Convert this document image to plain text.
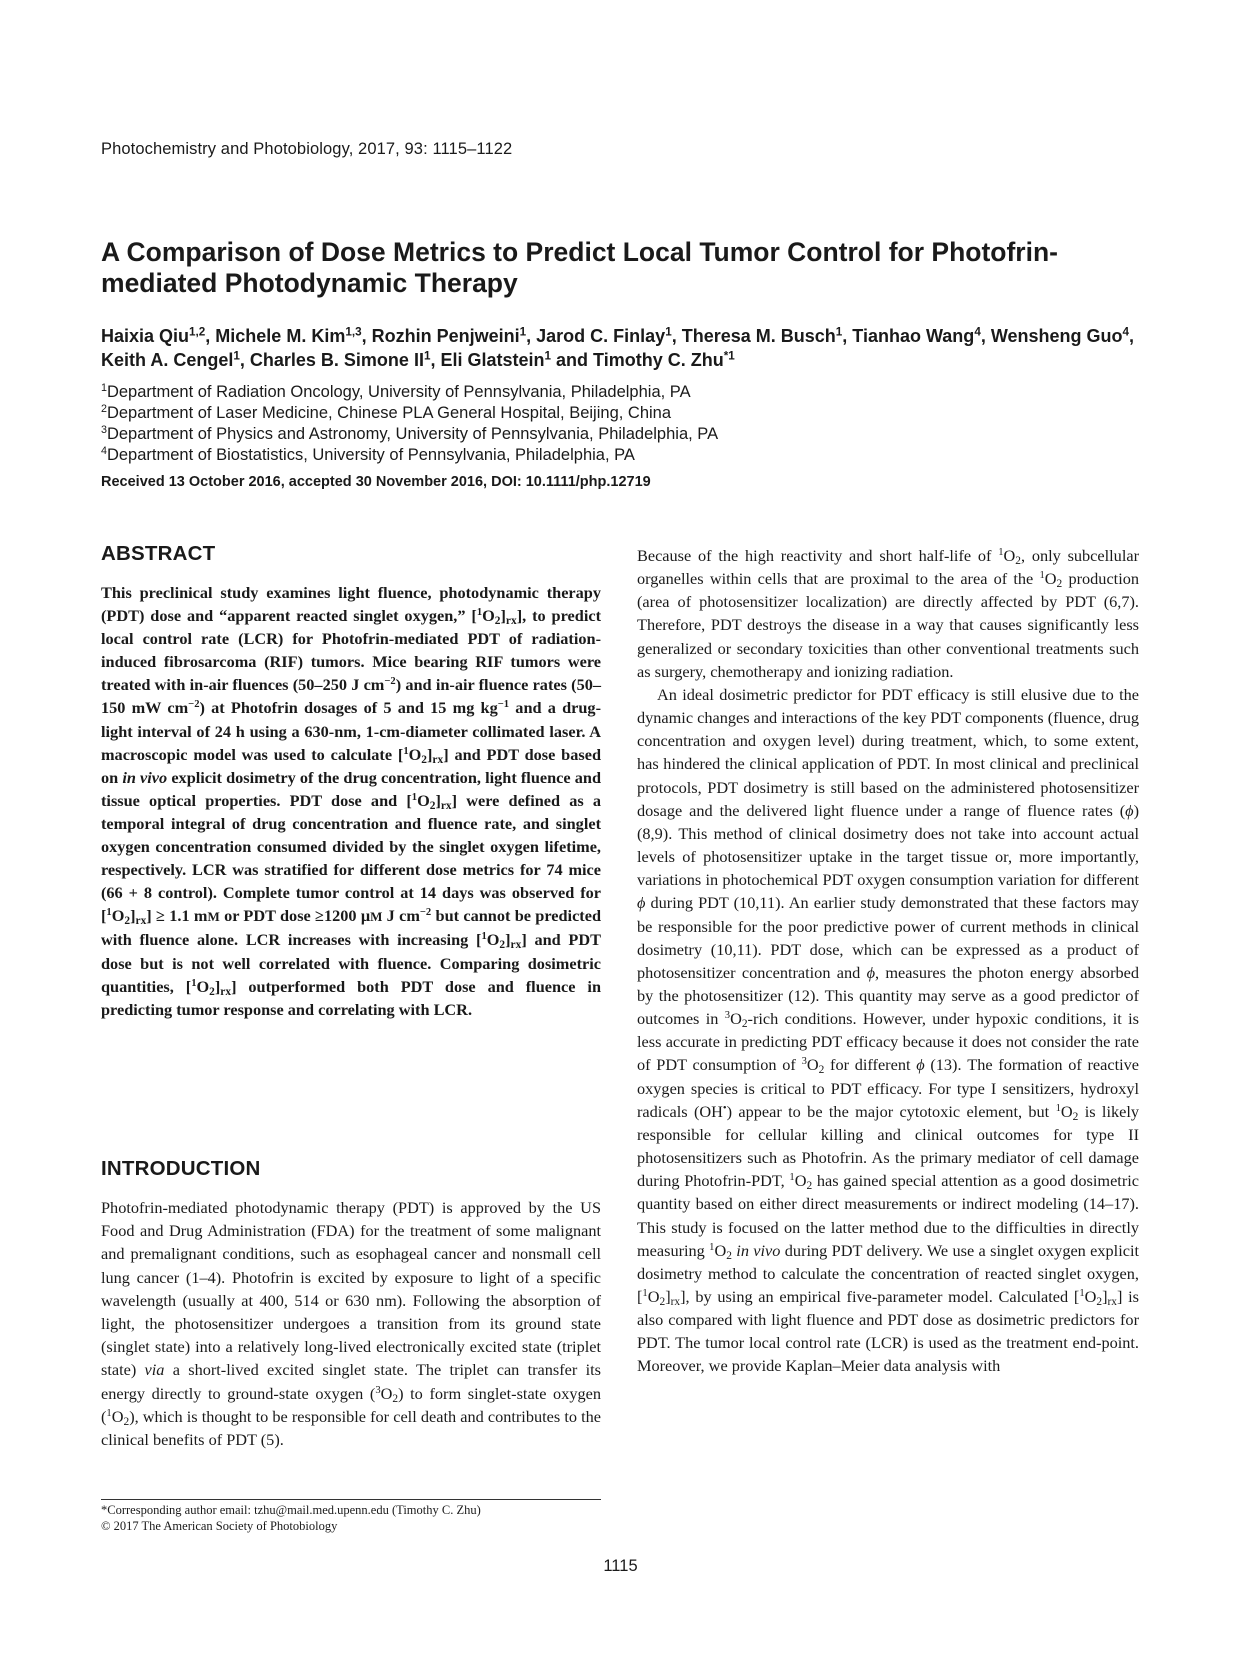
Photochemistry and Photobiology, 2017, 93: 1115–1122
A Comparison of Dose Metrics to Predict Local Tumor Control for Photofrin-mediated Photodynamic Therapy
Haixia Qiu$^{1,2}$, Michele M. Kim$^{1,3}$, Rozhin Penjweini$^1$, Jarod C. Finlay$^1$, Theresa M. Busch$^1$, Tianhao Wang$^4$, Wensheng Guo$^4$, Keith A. Cengel$^1$, Charles B. Simone $II^1$, Eli Glatstein$^1$ and Timothy C. Zhu$^{*1}$
$^1$Department of Radiation Oncology, University of Pennsylvania, Philadelphia, PA
$^2$Department of Laser Medicine, Chinese PLA General Hospital, Beijing, China
$^3$Department of Physics and Astronomy, University of Pennsylvania, Philadelphia, PA
$^4$Department of Biostatistics, University of Pennsylvania, Philadelphia, PA
Received 13 October 2016, accepted 30 November 2016, DOI: 10.1111/php.12719
ABSTRACT

This preclinical study examines light fluence, photodynamic therapy (PDT) dose and “apparent reacted singlet oxygen,” $[^1O_2]_{rx}$], to predict local control rate (LCR) for Photofrin-mediated PDT of radiation-induced fibrosarcoma (RIF) tumors. Mice bearing RIF tumors were treated with in-air fluences (50–250 J $cm^{-2}$) and in-air fluence rates (50–150 mW $cm^{-2}$) at Photofrin dosages of 5 and 15 mg $kg^{-1}$ and a drug-light interval of 24 h using a 630-nm, 1-cm-diameter collimated laser. A macroscopic model was used to calculate $[^1O_2]_{rx}$] and PDT dose based on in vivo explicit dosimetry of the drug concentration, light fluence and tissue optical properties. PDT dose and $[^1O_2]_{rx}$] were defined as a temporal integral of drug concentration and fluence rate, and singlet oxygen concentration consumed divided by the singlet oxygen lifetime, respectively. LCR was stratified for different dose metrics for 74 mice (66 + 8 control). Complete tumor control at 14 days was observed for $[^1O_2]_{rx}] \ge 1.1$ mM or PDT dose ≥1200 μM J $cm^{-2}$ but cannot be predicted with fluence alone. LCR increases with increasing $[^1O_2]_{rx}$] and PDT dose but is not well correlated with fluence. Comparing dosimetric quantities, $[^1O_2]_{rx}$] outperformed both PDT dose and fluence in predicting tumor response and correlating with LCR.

INTRODUCTION

Photofrin-mediated photodynamic therapy (PDT) is approved by the US Food and Drug Administration (FDA) for the treatment of some malignant and premalignant conditions, such as esophageal cancer and nonsmall cell lung cancer (1–4). Photofrin is excited by exposure to light of a specific wavelength (usually at 400, 514 or 630 nm). Following the absorption of light, the photosensitizer undergoes a transition from its ground state (singlet state) into a relatively long-lived electronically excited state (triplet state) via a short-lived excited singlet state. The triplet can transfer its energy directly to ground-state oxygen $(^3O_2)$ to form singlet-state oxygen $(^1O_2)$, which is thought to be responsible for cell death and contributes to the clinical benefits of PDT (5).

Because of the high reactivity and short half-life of $^1O_2$, only subcellular organelles within cells that are proximal to the area of the $^1O_2$ production (area of photosensitizer localization) are directly affected by PDT (6,7). Therefore, PDT destroys the disease in a way that causes significantly less generalized or secondary toxicities than other conventional treatments such as surgery, chemotherapy and ionizing radiation.

An ideal dosimetric predictor for PDT efficacy is still elusive due to the dynamic changes and interactions of the key PDT components (fluence, drug concentration and oxygen level) during treatment, which, to some extent, has hindered the clinical application of PDT. In most clinical and preclinical protocols, PDT dosimetry is still based on the administered photosensitizer dosage and the delivered light fluence under a range of fluence rates (ϕ) (8,9). This method of clinical dosimetry does not take into account actual levels of photosensitizer uptake in the target tissue or, more importantly, variations in photochemical PDT oxygen consumption variation for different ϕ during PDT (10,11). An earlier study demonstrated that these factors may be responsible for the poor predictive power of current methods in clinical dosimetry (10,11). PDT dose, which can be expressed as a product of photosensitizer concentration and ϕ, measures the photon energy absorbed by the photosensitizer (12). This quantity may serve as a good predictor of outcomes in $^3O_2$-rich conditions. However, under hypoxic conditions, it is less accurate in predicting PDT efficacy because it does not consider the rate of PDT consumption of $^3O_2$ for different ϕ (13). The formation of reactive oxygen species is critical to PDT efficacy. For type I sensitizers, hydroxyl radicals (OH•) appear to be the major cytotoxic element, but $^1O_2$ is likely responsible for cellular killing and clinical outcomes for type II photosensitizers such as Photofrin. As the primary mediator of cell damage during Photofrin-PDT, $^1O_2$ has gained special attention as a good dosimetric quantity based on either direct measurements or indirect modeling (14–17). This study is focused on the latter method due to the difficulties in directly measuring $^1O_2$ in vivo during PDT delivery. We use a singlet oxygen explicit dosimetry method to calculate the concentration of reacted singlet oxygen, $[^1O_2]_{rx}$], by using an empirical five-parameter model. Calculated $[^1O_2]_{rx}$] is also compared with light fluence and PDT dose as dosimetric predictors for PDT. The tumor local control rate (LCR) is used as the treatment end-point. Moreover, we provide Kaplan–Meier data analysis with

*Corresponding author email: tzhu@mail.med.upenn.edu (Timothy C. Zhu)
© 2017 The American Society of Photobiology
1115
